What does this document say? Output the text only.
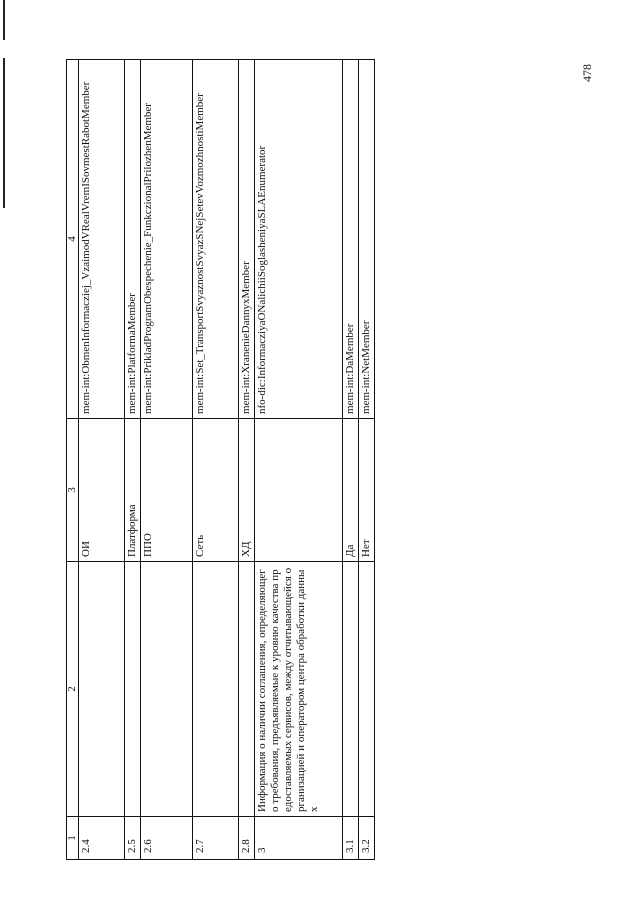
478
1	2	3	4
2.4		ОИ	mem-int:ObmenInformacziej_VzaimodVRealVremISovmestRabotMember
2.5		Платформа	mem-int:PlatformaMember
2.6		ППО	mem-int:PrikladProgramObespechenie_FunkczionalPrilozhenMember
2.7		Сеть	mem-int:Set_TransportSvyaznostSvyazSNejSetevVozmozhnostiMember
2.8		ХД	mem-int:XranenieDannyxMember
3	Информация о наличии соглашения, определяющего требования, предъявляемые к уровню качества предоставляемых сервисов, между отчитывающейся организацией и оператором центра обработки данных		nfo-dic:InformacziyaONalichiiSoglasheniyaSLAEnumerator
3.1		Да	mem-int:DaMember
3.2		Нет	mem-int:NetMember
